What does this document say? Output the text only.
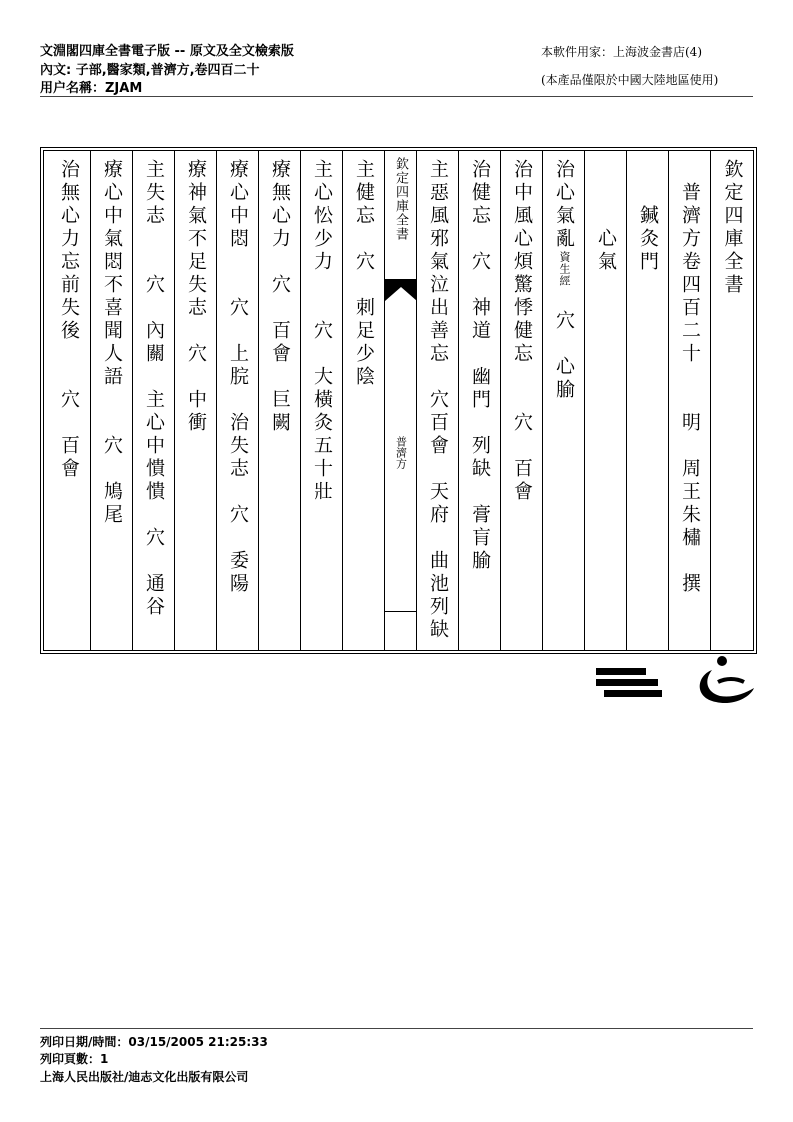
文淵閣四庫全書電子版 -- 原文及全文檢索版
內文: 子部,醫家類,普濟方,卷四百二十
用户名稱：ZJAM
本軟件用家：上海波金書店(4)
(本產品僅限於中國大陸地區使用)
欽定四庫全書
　普濟方卷四百二十　　明　周王朱橚　撰
　　鍼灸門
　　　心氣
治心氣亂資生經　穴　心腧
治中風心煩驚悸健忘　　穴　百會
治健忘　穴　神道　幽門　列缺　膏肓腧
主惡風邪氣泣出善忘　穴百會　天府　曲池列缺
欽定四庫全書
普濟方
主健忘　穴　刺足少陰
主心忪少力　　穴　大橫灸五十壯
療無心力　穴　百會　巨闕
療心中悶　　穴　上脘　治失志　穴　委陽
療神氣不足失志　穴　中衝
主失志　　穴　內關　主心中憒憒　穴　通谷
療心中氣悶不喜聞人語　　穴　鳩尾
治無心力忘前失後　　穴　百會
列印日期/時間：03/15/2005 21:25:33
列印頁數：1
上海人民出版社/迪志文化出版有限公司
